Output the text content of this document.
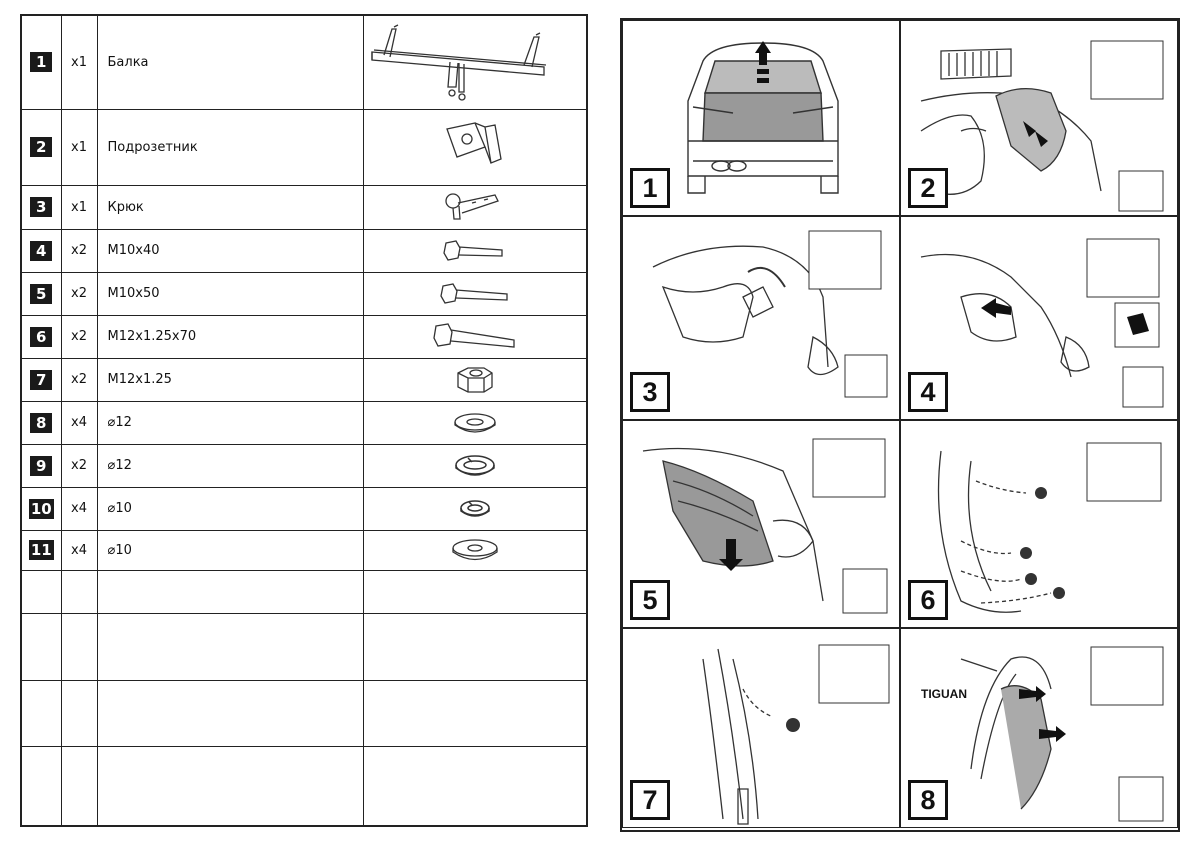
1	x1	Балка	

2	x1	Подрозетник	

3	x1	Крюк	

4	x2	M10x40	

5	x2	M10x50	

6	x2	M12x1.25x70	

7	x2	M12x1.25	

8	x4	⌀12	

9	x2	⌀12	

10	x4	⌀10	

11	x4	⌀10	

1	2
3	4
5	6
7
TIGUAN
8
